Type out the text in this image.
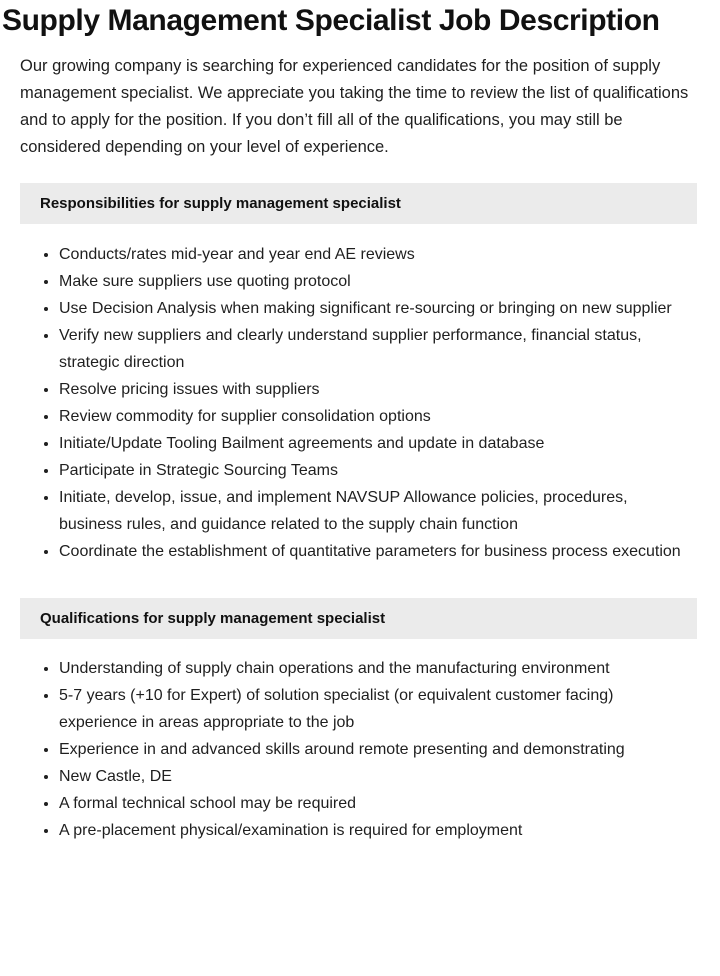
Supply Management Specialist Job Description

Our growing company is searching for experienced candidates for the position of supply management specialist. We appreciate you taking the time to review the list of qualifications and to apply for the position. If you don’t fill all of the qualifications, you may still be considered depending on your level of experience.

Responsibilities for supply management specialist
Conducts/rates mid-year and year end AE reviews
Make sure suppliers use quoting protocol
Use Decision Analysis when making significant re-sourcing or bringing on new supplier
Verify new suppliers and clearly understand supplier performance, financial status, strategic direction
Resolve pricing issues with suppliers
Review commodity for supplier consolidation options
Initiate/Update Tooling Bailment agreements and update in database
Participate in Strategic Sourcing Teams
Initiate, develop, issue, and implement NAVSUP Allowance policies, procedures, business rules, and guidance related to the supply chain function
Coordinate the establishment of quantitative parameters for business process execution
Qualifications for supply management specialist
Understanding of supply chain operations and the manufacturing environment
5-7 years (+10 for Expert) of solution specialist (or equivalent customer facing) experience in areas appropriate to the job
Experience in and advanced skills around remote presenting and demonstrating
New Castle, DE
A formal technical school may be required
A pre-placement physical/examination is required for employment
